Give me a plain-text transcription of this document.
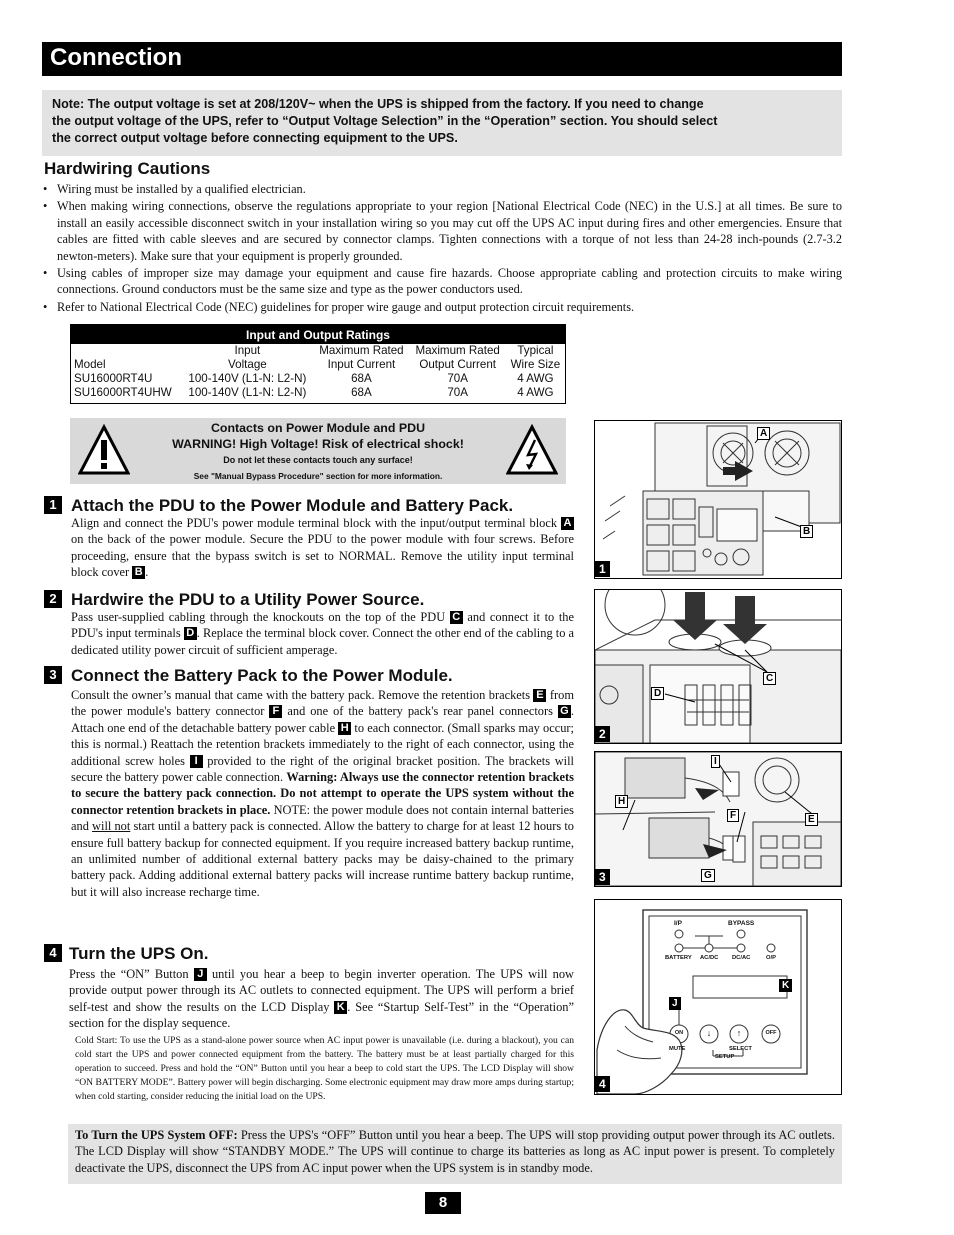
Connection
Note: The output voltage is set at 208/120V~ when the UPS is shipped from the factory. If you need to change
the output voltage of the UPS, refer to “Output Voltage Selection” in the “Operation” section. You should select
the correct output voltage before connecting equipment to the UPS.
Hardwiring Cautions
• Wiring must be installed by a qualified electrician.
• When making wiring connections, observe the regulations appropriate to your region [National Electrical Code (NEC) in the U.S.] at all times. Be sure to install an easily accessible disconnect switch in your installation wiring so you may cut off the UPS AC input during fires and other emergencies. Ensure that cables are fitted with cable sleeves and are secured by connector clamps. Tighten connections with a torque of not less than 24-28 inch-pounds (2.7-3.2 newton-meters). Make sure that your equipment is properly grounded.
• Using cables of improper size may damage your equipment and cause fire hazards. Choose appropriate cabling and protection circuits to make wiring connections. Ground conductors must be the same size and type as the power conductors used.
• Refer to National Electrical Code (NEC) guidelines for proper wire gauge and output protection circuit requirements.
Input and Output Ratings				
	Input	Maximum Rated	Maximum Rated	Typical
Model	Voltage	Input Current	Output Current	Wire Size
SU16000RT4U	100-140V (L1-N: L2-N)	68A	70A	4 AWG
SU16000RT4UHW	100-140V (L1-N: L2-N)	68A	70A	4 AWG
Contacts on Power Module and PDU
WARNING! High Voltage! Risk of electrical shock!
Do not let these contacts touch any surface!
See "Manual Bypass Procedure" section for more information.
1 Attach the PDU to the Power Module and Battery Pack.
Align and connect the PDU's power module terminal block with the input/output terminal block A on the back of the power module. Secure the PDU to the power module with four screws. Before proceeding, ensure that the bypass switch is set to NORMAL. Remove the utility input terminal block cover B .
2 Hardwire the PDU to a Utility Power Source.
Pass user-supplied cabling through the knockouts on the top of the PDU C and connect it to the PDU's input terminals D . Replace the terminal block cover. Connect the other end of the cabling to a dedicated utility power circuit of sufficient amperage.
3 Connect the Battery Pack to the Power Module.
Consult the owner’s manual that came with the battery pack. Remove the retention brackets E from the power module's battery connector F and one of the battery pack's rear panel connectors G . Attach one end of the detachable battery power cable H to each connector. (Small sparks may occur; this is normal.) Reattach the retention brackets immediately to the right of each connector, using the additional screw holes I provided to the right of the original bracket position. The brackets will secure the battery power cable connection. Warning: Always use the connector retention brackets to secure the battery pack connection. Do not attempt to operate the UPS system without the connector retention brackets in place. NOTE: the power module does not contain internal batteries and will not start until a battery pack is connected. Allow the battery to charge for at least 12 hours to ensure full battery backup for connected equipment. If you require increased battery backup runtime, an unlimited number of additional external battery packs may be daisy-chained to the primary battery pack. Adding additional external battery packs will increase runtime battery backup runtime, but it will also increase recharge time.
4 Turn the UPS On.
Press the “ON” Button J until you hear a beep to begin inverter operation. The UPS will now provide output power through its AC outlets to connected equipment. The UPS will perform a brief self-test and show the results on the LCD Display K . See “Startup Self-Test” in the “Operation” section for the display sequence.
Cold Start: To use the UPS as a stand-alone power source when AC input power is unavailable (i.e. during a blackout), you can cold start the UPS and power connected equipment from the battery. The battery must be at least partially charged for this operation to succeed. Press and hold the “ON” Button until you hear a beep to cold start the UPS. The LCD Display will show “ON BATTERY MODE”. Battery power will begin discharging. Some electronic equipment may draw more amps during startup; when cold starting, consider reducing the initial load on the UPS.
To Turn the UPS System OFF: Press the UPS's “OFF” Button until you hear a beep. The UPS will stop providing output power through its AC outlets. The LCD Display will show “STANDBY MODE.” The UPS will continue to charge its batteries as long as AC input power is present. To completely deactivate the UPS, disconnect the UPS from AC input power when the UPS system is in standby mode.
8
A
B
1
C
D
2
I
H
F	E
G
3
I/P	BYPASS
BATTERY AC/DC DC/AC	O/P
ON	↓	↑	OFF
MUTE	SELECT
SETUP
J
K
4
